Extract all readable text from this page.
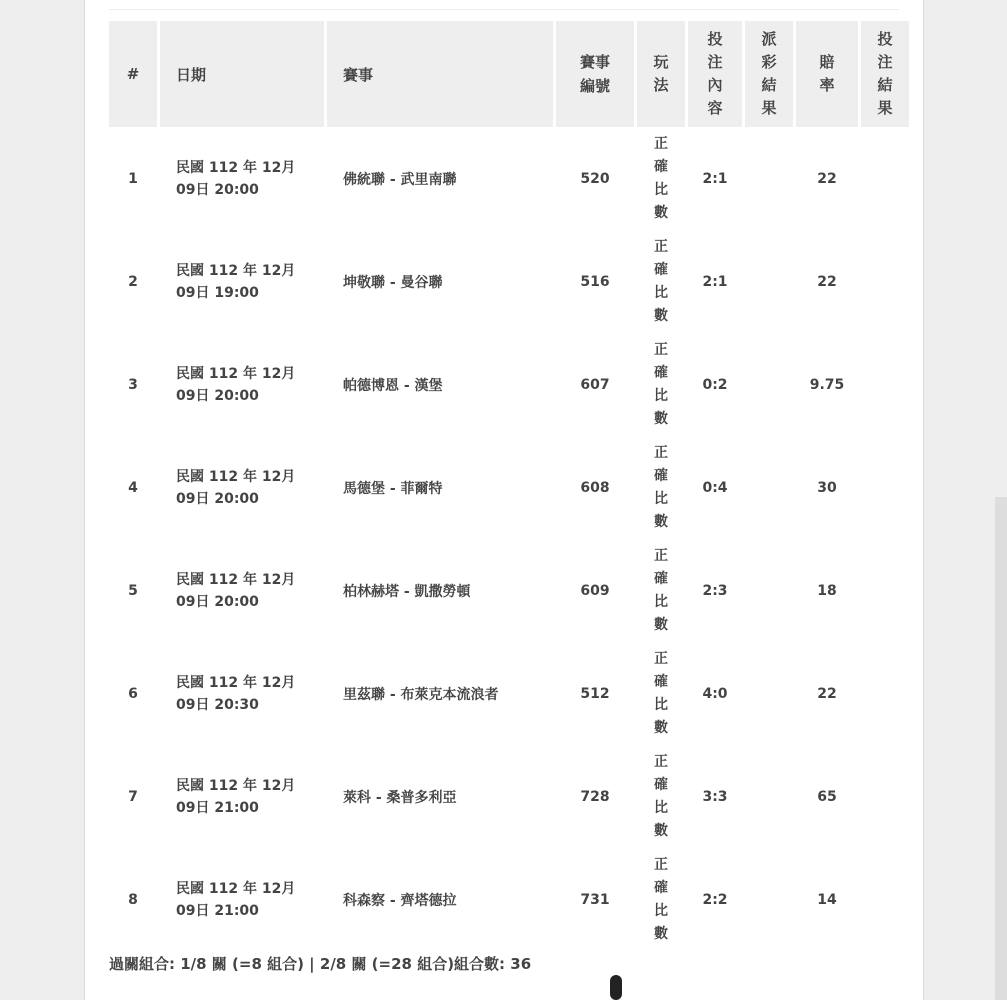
#	日期	賽事	賽事編號	玩法	投注內容	派彩結果	賠率	投注結果
1	民國 112 年 12月 09日 20:00	佛統聯 - 武里南聯	520	正確比數	2:1		22	
2	民國 112 年 12月 09日 19:00	坤敬聯 - 曼谷聯	516	正確比數	2:1		22	
3	民國 112 年 12月 09日 20:00	帕德博恩 - 漢堡	607	正確比數	0:2		9.75	
4	民國 112 年 12月 09日 20:00	馬德堡 - 菲爾特	608	正確比數	0:4		30	
5	民國 112 年 12月 09日 20:00	柏林赫塔 - 凱撒勞頓	609	正確比數	2:3		18	
6	民國 112 年 12月 09日 20:30	里茲聯 - 布萊克本流浪者	512	正確比數	4:0		22	
7	民國 112 年 12月 09日 21:00	萊科 - 桑普多利亞	728	正確比數	3:3		65	
8	民國 112 年 12月 09日 21:00	科森察 - 齊塔德拉	731	正確比數	2:2		14	
過關組合: 1/8 關 (=8 組合) | 2/8 關 (=28 組合)組合數: 36
